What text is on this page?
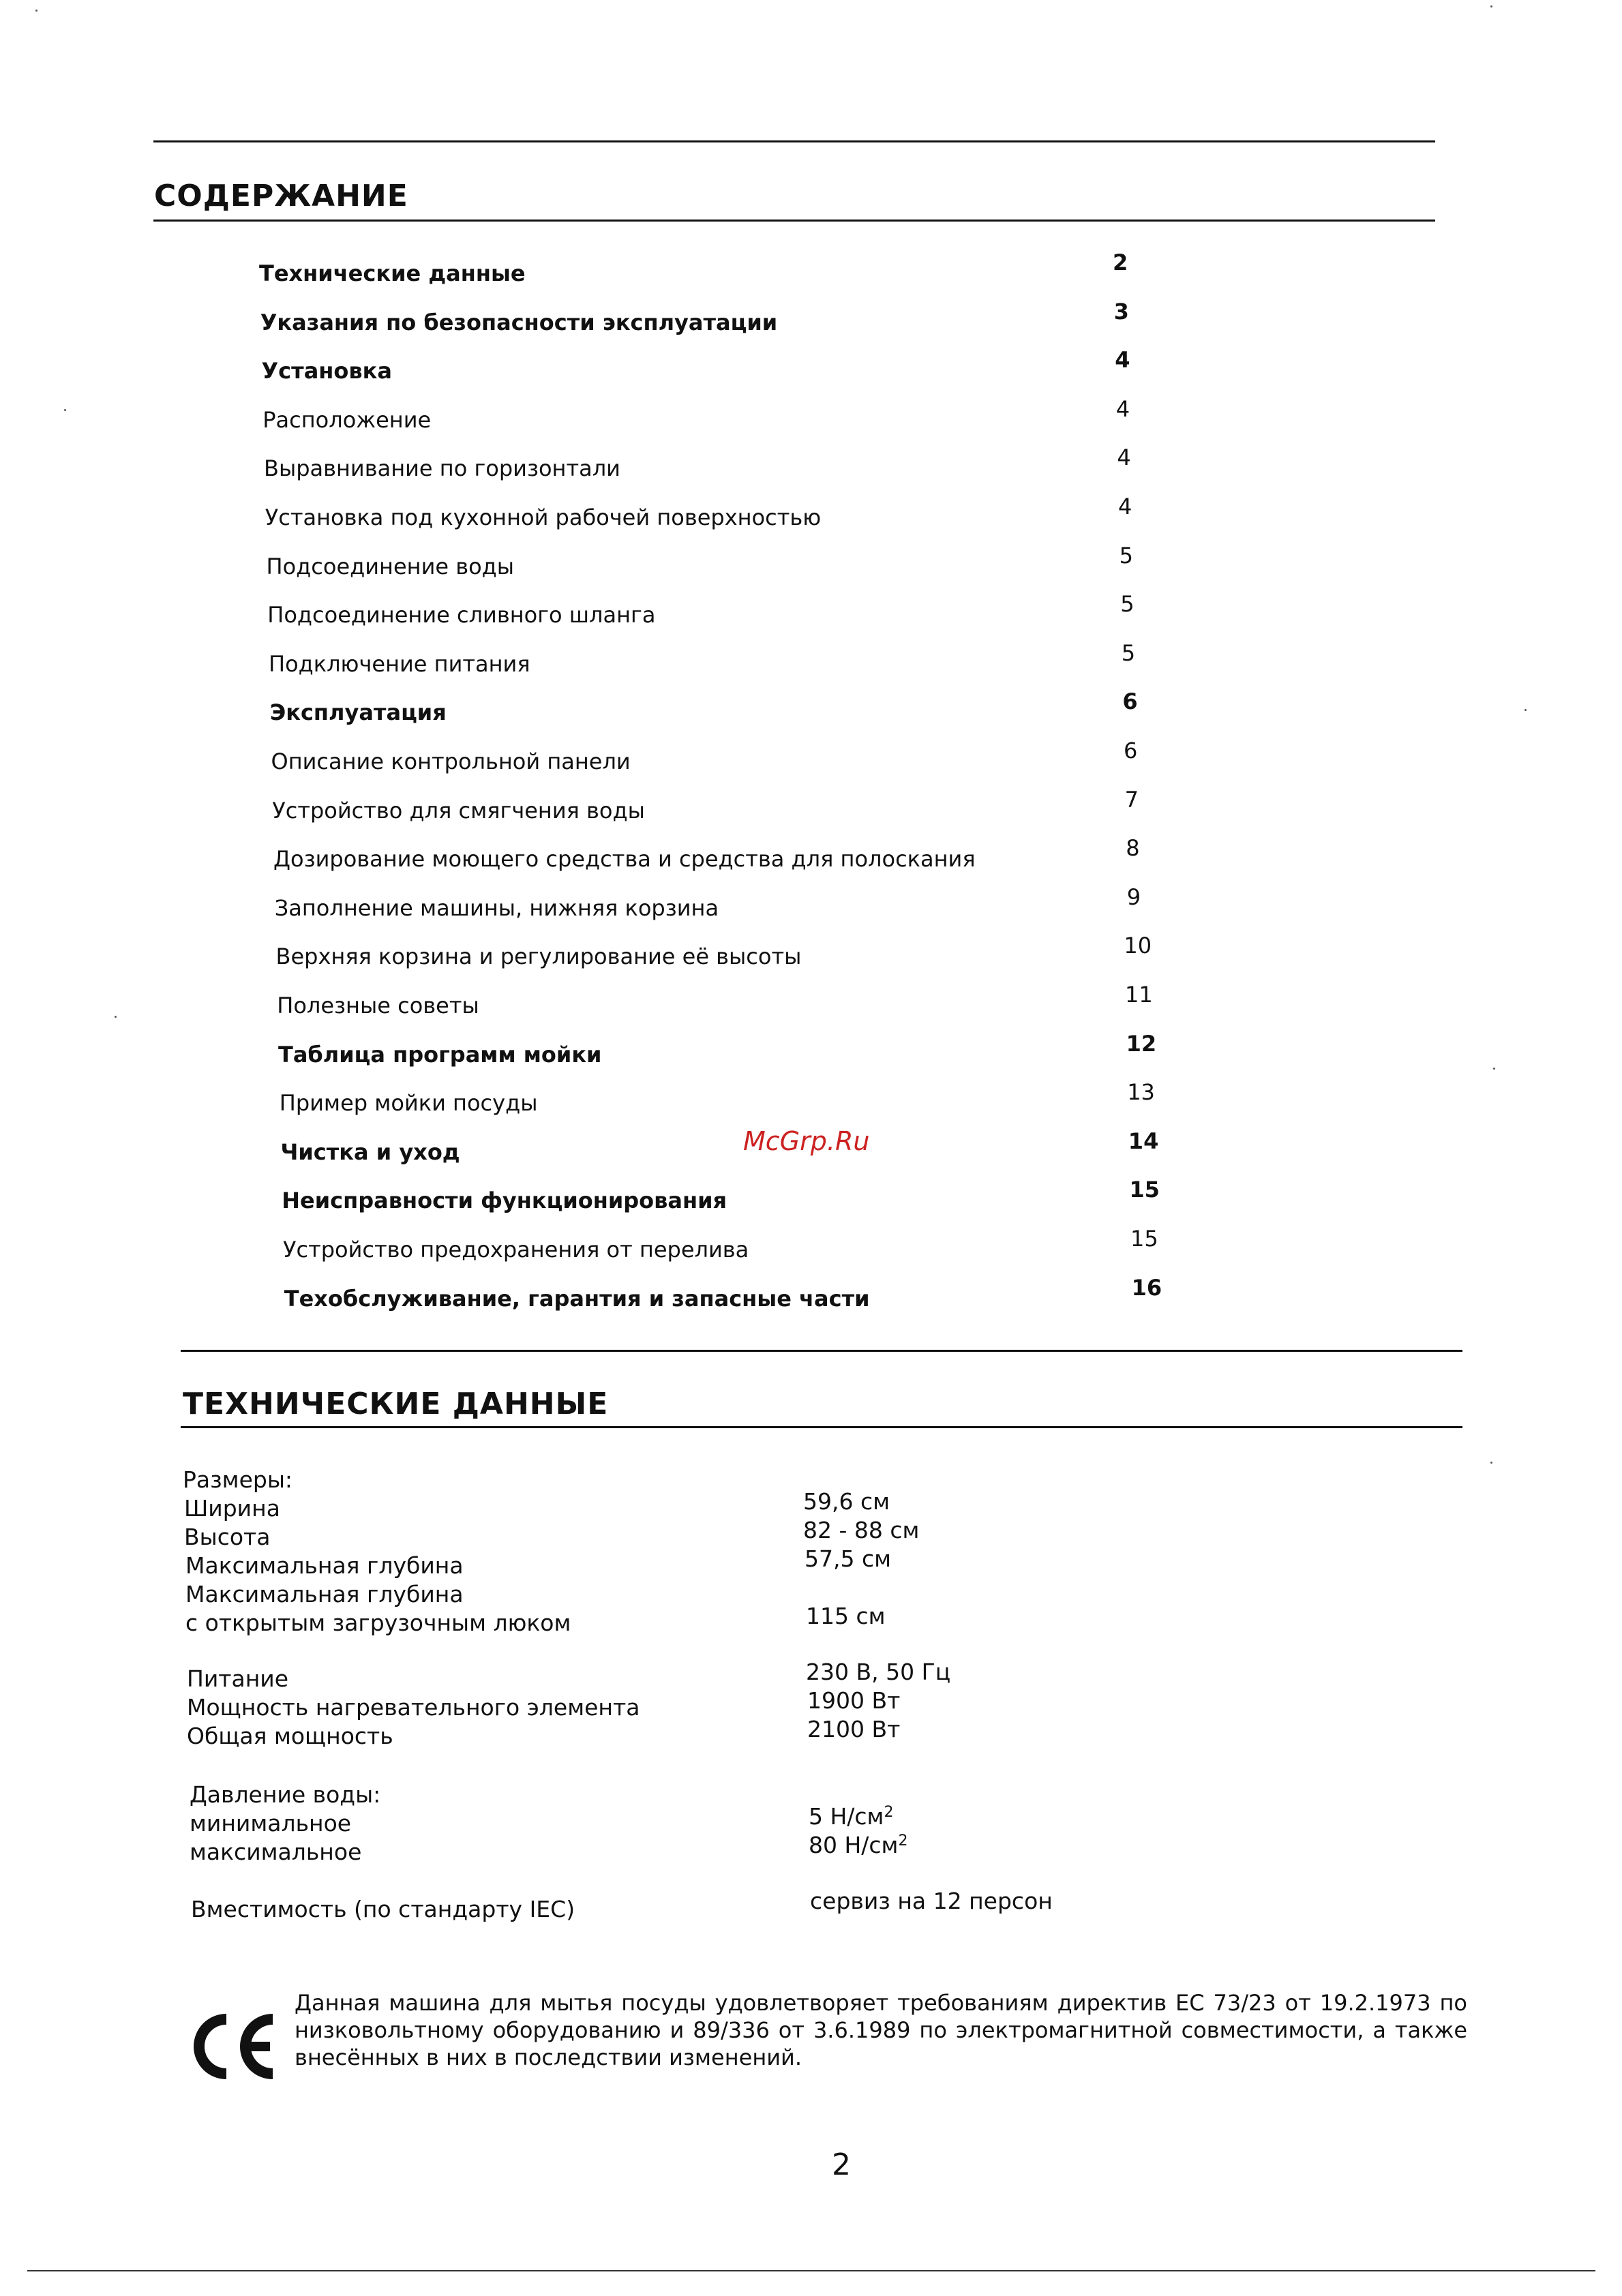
СОДЕРЖАНИЕ
Технические данные	2
Указания по безопасности эксплуатации	3
Установка	4
Расположение	4
Выравнивание по горизонтали	4
Установка под кухонной рабочей поверхностью	4
Подсоединение воды	5
Подсоединение сливного шланга	5
Подключение питания	5
Эксплуатация	6
Описание контрольной панели	6
Устройство для смягчения воды	7
Дозирование моющего средства и средства для полоскания	8
Заполнение машины, нижняя корзина	9
Верхняя корзина и регулирование её высоты	10
Полезные советы	11
Таблица программ мойки	12
Пример мойки посуды	13
Чистка и уход	14
Неисправности функционирования	15
Устройство предохранения от перелива	15
Техобслуживание, гарантия и запасные части	16
McGrp.Ru
ТЕХНИЧЕСКИЕ ДАННЫЕ
Размеры:
Ширина	59,6 см
Высота	82 - 88 см
Максимальная глубина	57,5 см
Максимальная глубина
с открытым загрузочным люком	115 см
Питание	230 В, 50 Гц
Мощность нагревательного элемента	1900 Вт
Общая мощность	2100 Вт
Давление воды:
минимальное	5 $Н/см^2$
максимальное	80 $Н/см^2$
Вместимость (по стандарту IEC)	сервиз на 12 персон
Данная машина для мытья посуды удовлетворяет требованиям директив ЕС 73/23 от 19.2.1973 по низковольтному оборудованию и 89/336 от 3.6.1989 по электромагнитной совместимости, а также внесённых в них в последствии изменений.
2
